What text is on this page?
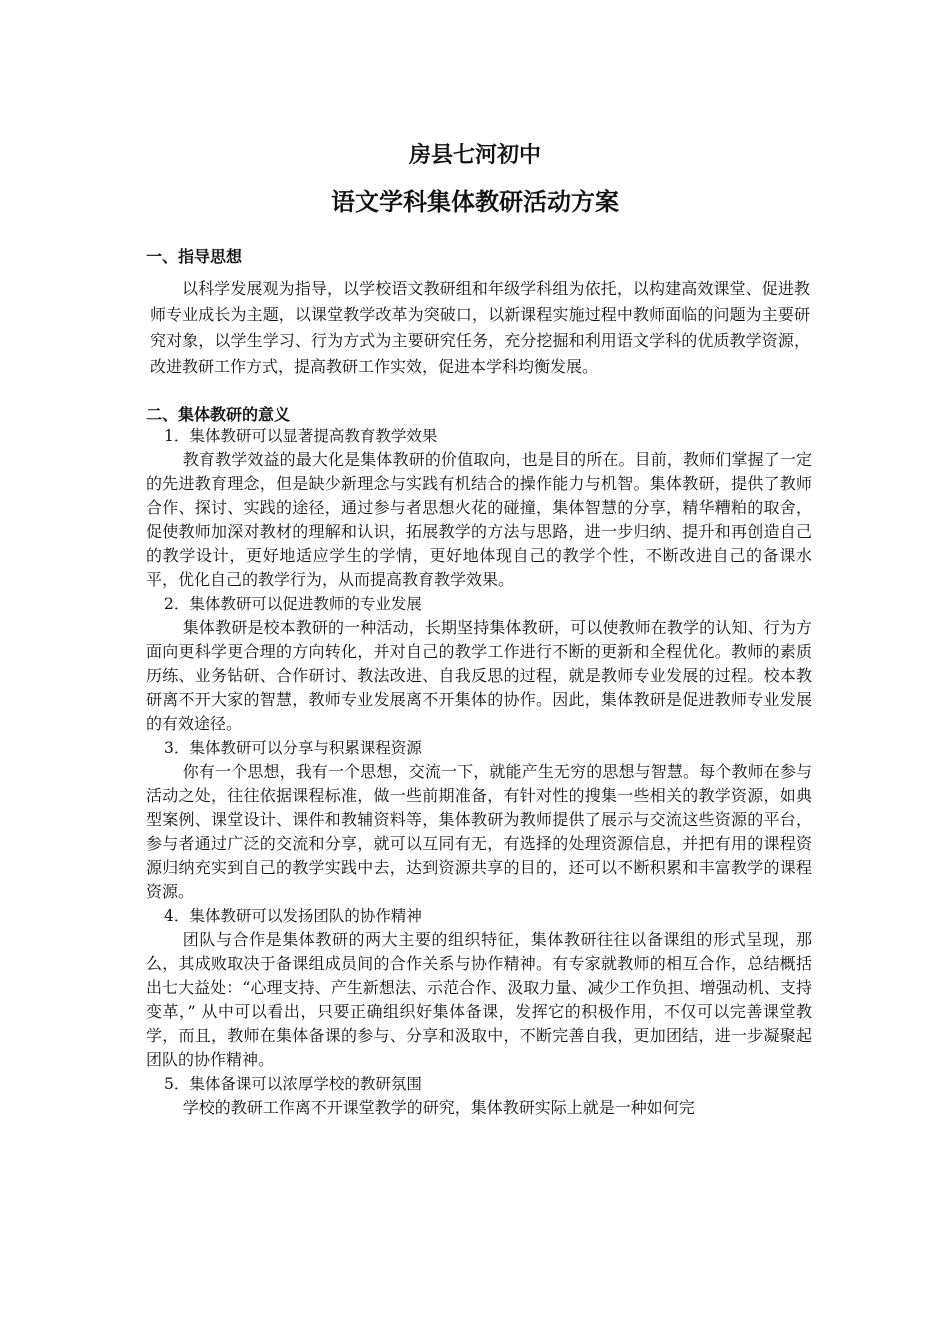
房县七河初中
语文学科集体教研活动方案
一、指导思想

以科学发展观为指导，以学校语文教研组和年级学科组为依托，以构建高效课堂、促进教师专业成长为主题，以课堂教学改革为突破口，以新课程实施过程中教师面临的问题为主要研究对象，以学生学习、行为方式为主要研究任务，充分挖掘和利用语文学科的优质教学资源，改进教研工作方式，提高教研工作实效，促进本学科均衡发展。

二、集体教研的意义

1．集体教研可以显著提高教育教学效果

教育教学效益的最大化是集体教研的价值取向，也是目的所在。目前，教师们掌握了一定的先进教育理念，但是缺少新理念与实践有机结合的操作能力与机智。集体教研，提供了教师合作、探讨、实践的途径，通过参与者思想火花的碰撞，集体智慧的分享，精华糟粕的取舍，促使教师加深对教材的理解和认识，拓展教学的方法与思路，进一步归纳、提升和再创造自己的教学设计，更好地适应学生的学情，更好地体现自己的教学个性，不断改进自己的备课水平，优化自己的教学行为，从而提高教育教学效果。

2．集体教研可以促进教师的专业发展

集体教研是校本教研的一种活动，长期坚持集体教研，可以使教师在教学的认知、行为方面向更科学更合理的方向转化，并对自己的教学工作进行不断的更新和全程优化。教师的素质历练、业务钻研、合作研讨、教法改进、自我反思的过程，就是教师专业发展的过程。校本教研离不开大家的智慧，教师专业发展离不开集体的协作。因此，集体教研是促进教师专业发展的有效途径。

3．集体教研可以分享与积累课程资源

你有一个思想，我有一个思想，交流一下，就能产生无穷的思想与智慧。每个教师在参与活动之处，往往依据课程标准，做一些前期准备，有针对性的搜集一些相关的教学资源，如典型案例、课堂设计、课件和教辅资料等，集体教研为教师提供了展示与交流这些资源的平台，参与者通过广泛的交流和分享，就可以互同有无，有选择的处理资源信息，并把有用的课程资源归纳充实到自己的教学实践中去，达到资源共享的目的，还可以不断积累和丰富教学的课程资源。

4．集体教研可以发扬团队的协作精神

团队与合作是集体教研的两大主要的组织特征，集体教研往往以备课组的形式呈现，那么，其成败取决于备课组成员间的合作关系与协作精神。有专家就教师的相互合作，总结概括出七大益处：“心理支持、产生新想法、示范合作、汲取力量、减少工作负担、增强动机、支持变革，” 从中可以看出，只要正确组织好集体备课，发挥它的积极作用，不仅可以完善课堂教学，而且，教师在集体备课的参与、分享和汲取中，不断完善自我，更加团结，进一步凝聚起团队的协作精神。

5．集体备课可以浓厚学校的教研氛围

学校的教研工作离不开课堂教学的研究，集体教研实际上就是一种如何完
